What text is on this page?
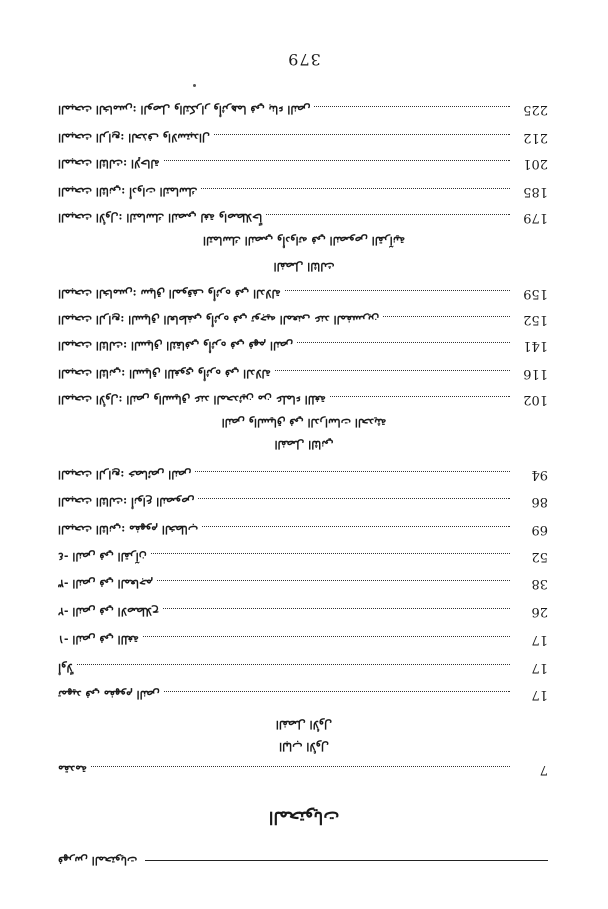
فهرس المحتويات
المحتويات
الباب الأول
الفصل الأول
7
مقدمة
17
تمهيد في مفهوم النص
17
أولاً
17
١- النص في اللغة
26
٢- النص في الاصطلاح
38
٣- النص في المعاجم
52
٤- النص في القرآن
69
المبحث الثاني: مفهوم الخطاب
86
المبحث الثالث: أنواع النصوص
94
المبحث الرابع: خصائص النص
الفصل الثاني
النص والسياق في الدراسات الحديثة
102
المبحث الأول: النص والسياق عند المحدثين من علماء اللغة
116
المبحث الثاني: السياق اللغوي وأثره في الدلالة
141
المبحث الثالث: السياق الثقافي وأثره في فهم النص
152
المبحث الرابع: السياق العاطفي وأثره في توجيه المعنى عند المفسرين
159
المبحث الخامس: سياق الموقف وأثره في الدلالة
الفصل الثالث
التماسك النصي وأدواته في النصوص القرآنية
179
المبحث الأول: التماسك النصي لغة واصطلاحاً
185
المبحث الثاني: أدوات التماسك
201
المبحث الثالث: الإحالة
212
المبحث الرابع: الحذف والاستبدال
225
المبحث الخامس: الوصل والتكرار وأثرهما في بناء النص
379
